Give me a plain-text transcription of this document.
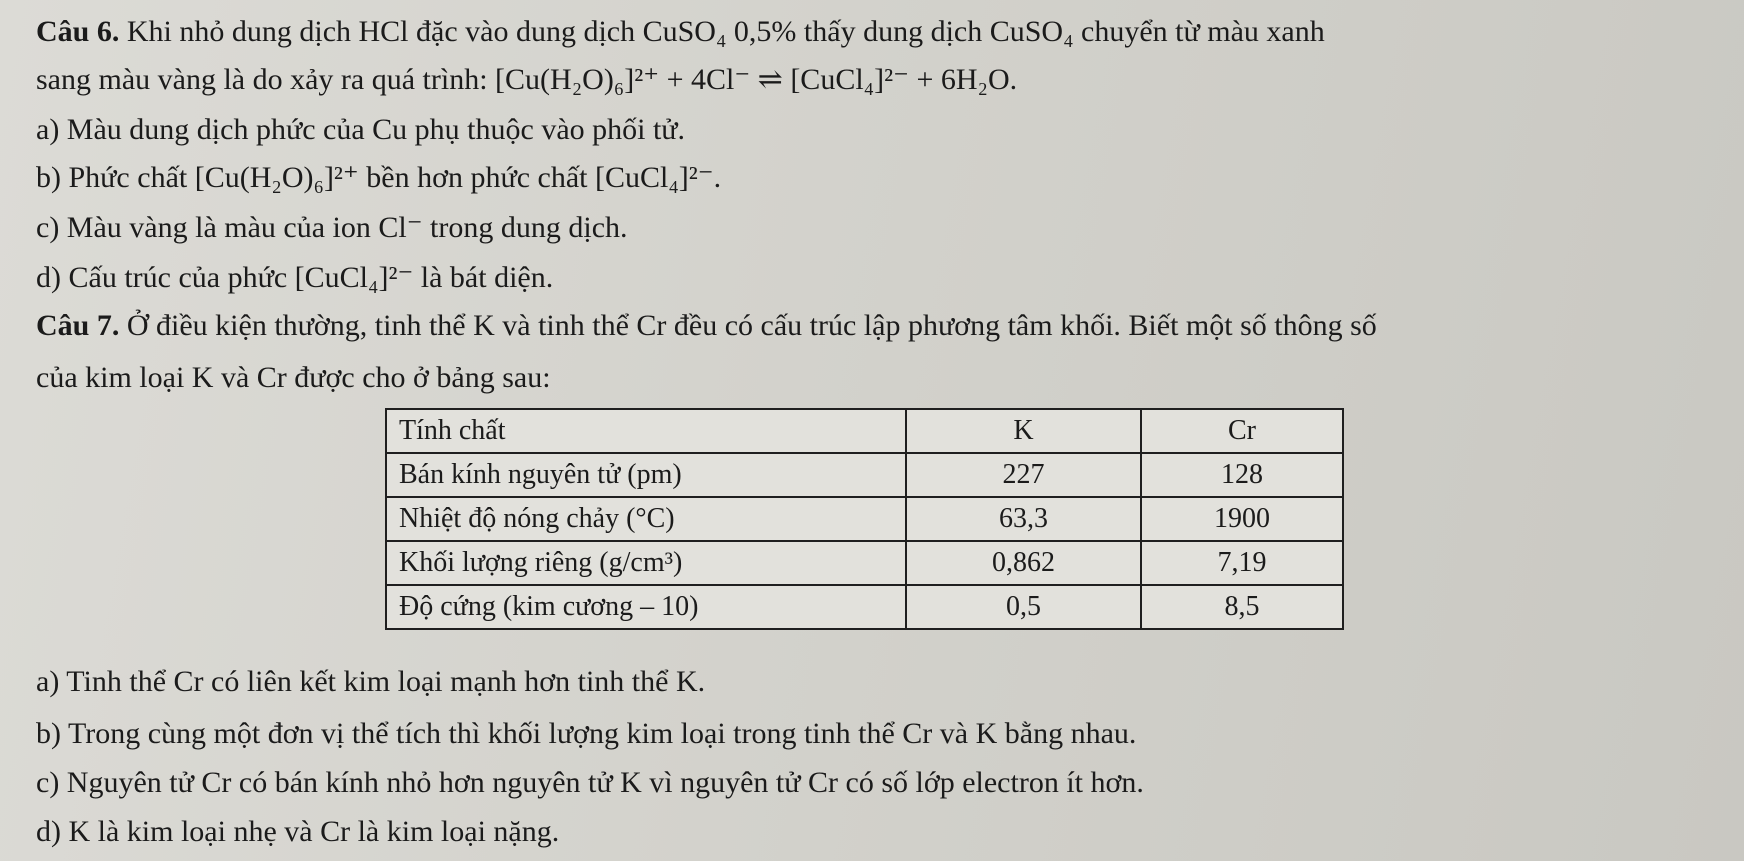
Câu 6. Khi nhỏ dung dịch HCl đặc vào dung dịch CuSO₄ 0,5% thấy dung dịch CuSO₄ chuyển từ màu xanh
sang màu vàng là do xảy ra quá trình: [Cu(H₂O)₆]²⁺ + 4Cl⁻ ⇌ [CuCl₄]²⁻ + 6H₂O.
a) Màu dung dịch phức của Cu phụ thuộc vào phối tử.
b) Phức chất [Cu(H₂O)₆]²⁺ bền hơn phức chất [CuCl₄]²⁻.
c) Màu vàng là màu của ion Cl⁻ trong dung dịch.
d) Cấu trúc của phức [CuCl₄]²⁻ là bát diện.
Câu 7. Ở điều kiện thường, tinh thể K và tinh thể Cr đều có cấu trúc lập phương tâm khối. Biết một số thông số
của kim loại K và Cr được cho ở bảng sau:
Tính chất	K	Cr
Bán kính nguyên tử (pm)	227	128
Nhiệt độ nóng chảy (°C)	63,3	1900
Khối lượng riêng (g/cm³)	0,862	7,19
Độ cứng (kim cương – 10)	0,5	8,5
a) Tinh thể Cr có liên kết kim loại mạnh hơn tinh thể K.
b) Trong cùng một đơn vị thể tích thì khối lượng kim loại trong tinh thể Cr và K bằng nhau.
c) Nguyên tử Cr có bán kính nhỏ hơn nguyên tử K vì nguyên tử Cr có số lớp electron ít hơn.
d) K là kim loại nhẹ và Cr là kim loại nặng.
